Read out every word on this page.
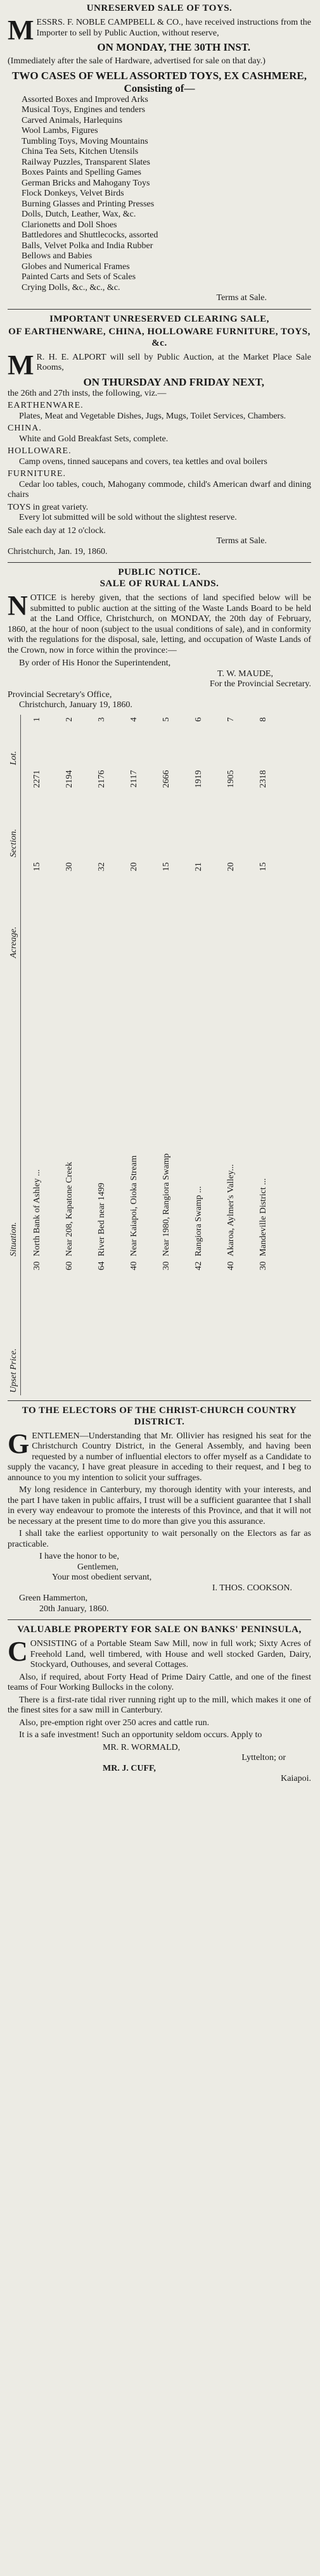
UNRESERVED SALE OF TOYS.

MESSRS. F. NOBLE CAMPBELL & CO., have received instructions from the Importer to sell by Public Auction, without reserve,

ON MONDAY, THE 30TH INST.

(Immediately after the sale of Hardware, advertised for sale on that day.)

TWO CASES OF WELL ASSORTED TOYS, EX CASHMERE, Consisting of—
Assorted Boxes and Improved Arks
Musical Toys, Engines and tenders
Carved Animals, Harlequins
Wool Lambs, Figures
Tumbling Toys, Moving Mountains
China Tea Sets, Kitchen Utensils
Railway Puzzles, Transparent Slates
Boxes Paints and Spelling Games
German Bricks and Mahogany Toys
Flock Donkeys, Velvet Birds
Burning Glasses and Printing Presses
Dolls, Dutch, Leather, Wax, &c.
Clarionetts and Doll Shoes
Battledores and Shuttlecocks, assorted
Balls, Velvet Polka and India Rubber
Bellows and Babies
Globes and Numerical Frames
Painted Carts and Sets of Scales
Crying Dolls, &c., &c., &c.
Terms at Sale.
IMPORTANT UNRESERVED CLEARING SALE,
OF EARTHENWARE, CHINA, HOLLOWARE FURNITURE, TOYS, &c.

MR. H. E. ALPORT will sell by Public Auction, at the Market Place Sale Rooms,

ON THURSDAY AND FRIDAY NEXT,
the 26th and 27th insts, the following, viz.—
EARTHENWARE.
Plates, Meat and Vegetable Dishes, Jugs, Mugs, Toilet Services, Chambers.
CHINA.
White and Gold Breakfast Sets, complete.
HOLLOWARE.
Camp ovens, tinned saucepans and covers, tea kettles and oval boilers
FURNITURE.
Cedar loo tables, couch, Mahogany commode, child's American dwarf and dining chairs
TOYS in great variety.
Every lot submitted will be sold without the slightest reserve.
Sale each day at 12 o'clock.
Terms at Sale.
Christchurch, Jan. 19, 1860.
PUBLIC NOTICE.
SALE OF RURAL LANDS.

NOTICE is hereby given, that the sections of land specified below will be submitted to public auction at the sitting of the Waste Lands Board to be held at the Land Office, Christchurch, on MONDAY, the 20th day of February, 1860, at the hour of noon (subject to the usual conditions of sale), and in conformity with the regulations for the disposal, sale, letting, and occupation of Waste Lands of the Crown, now in force within the province:—

By order of His Honor the Superintendent,
T. W. MAUDE,
For the Provincial Secretary.
Provincial Secretary's Office,
Christchurch, January 19, 1860.
Upset Price.	Situation.	Acreage.	Section.	Lot.
30	North Bank of Ashley ...	15	2271	1
60	Near 208, Kapatone Creek	30	2194	2
64	River Bed near 1499	32	2176	3
40	Near Kaiapoi, Oioka Stream	20	2117	4
30	Near 1980, Rangiora Swamp	15	2666	5
42	Rangiora Swamp ...	21	1919	6
40	Akaroa, Aylmer's Valley...	20	1905	7
30	Mandeville District ...	15	2318	8
TO THE ELECTORS OF THE CHRIST-CHURCH COUNTRY DISTRICT.

GENTLEMEN—Understanding that Mr. Ollivier has resigned his seat for the Christchurch Country District, in the General Assembly, and having been requested by a number of influential electors to offer myself as a Candidate to supply the vacancy, I have great pleasure in acceding to their request, and I beg to announce to you my intention to solicit your suffrages.

My long residence in Canterbury, my thorough identity with your interests, and the part I have taken in public affairs, I trust will be a sufficient guarantee that I shall in every way endeavour to promote the interests of this Province, and that it will not be necessary at the present time to do more than give you this assurance.

I shall take the earliest opportunity to wait personally on the Electors as far as practicable.

I have the honor to be,
Gentlemen,
Your most obedient servant,
I. THOS. COOKSON.
Green Hammerton,
20th January, 1860.
VALUABLE PROPERTY FOR SALE ON BANKS' PENINSULA,

CONSISTING of a Portable Steam Saw Mill, now in full work; Sixty Acres of Freehold Land, well timbered, with House and well stocked Garden, Dairy, Stockyard, Outhouses, and several Cottages.

Also, if required, about Forty Head of Prime Dairy Cattle, and one of the finest teams of Four Working Bullocks in the colony.

There is a first-rate tidal river running right up to the mill, which makes it one of the finest sites for a saw mill in Canterbury.

Also, pre-emption right over 250 acres and cattle run.

It is a safe investment! Such an opportunity seldom occurs. Apply to

MR. R. WORMALD,
Lyttelton; or
MR. J. CUFF,
Kaiapoi.
